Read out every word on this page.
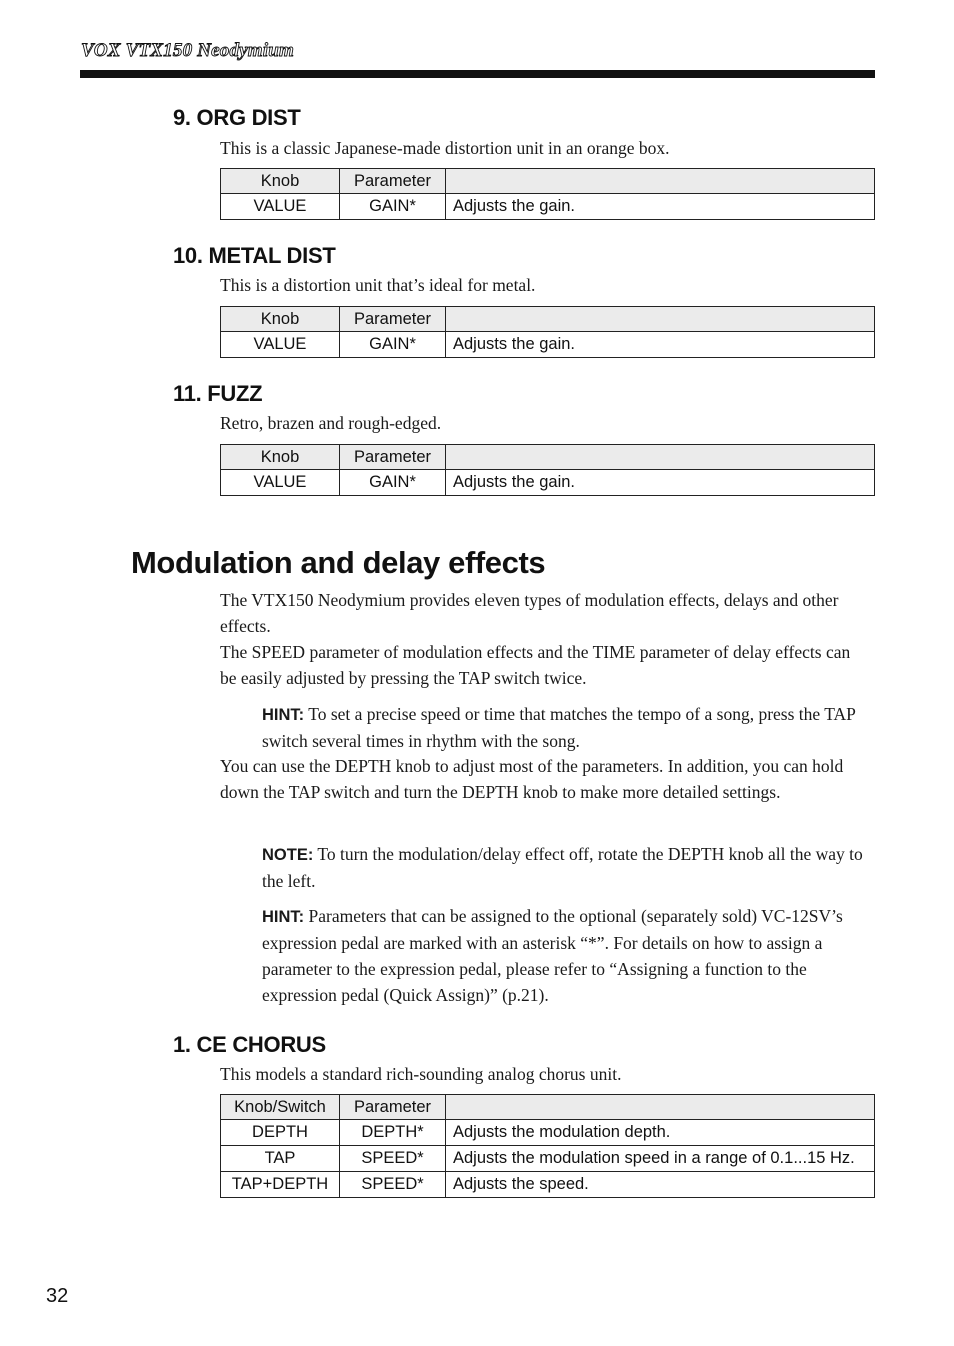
VOX VTX150 Neodymium
9. ORG DIST

This is a classic Japanese-made distortion unit in an orange box.

Knob	Parameter	
VALUE	GAIN*	Adjusts the gain.
10. METAL DIST

This is a distortion unit that’s ideal for metal.

Knob	Parameter	
VALUE	GAIN*	Adjusts the gain.
11. FUZZ

Retro, brazen and rough-edged.

Knob	Parameter	
VALUE	GAIN*	Adjusts the gain.
Modulation and delay effects

The VTX150 Neodymium provides eleven types of modulation effects, delays and other effects.

The SPEED parameter of modulation effects and the TIME parameter of delay effects can be easily adjusted by pressing the TAP switch twice.

HINT: To set a precise speed or time that matches the tempo of a song, press the TAP switch several times in rhythm with the song.

You can use the DEPTH knob to adjust most of the parameters. In addition, you can hold down the TAP switch and turn the DEPTH knob to make more detailed settings.

NOTE: To turn the modulation/delay effect off, rotate the DEPTH knob all the way to the left.

HINT: Parameters that can be assigned to the optional (separately sold) VC-12SV’s expression pedal are marked with an asterisk “*”. For details on how to assign a parameter to the expression pedal, please refer to “Assigning a function to the expression pedal (Quick Assign)” (p.21).

1. CE CHORUS

This models a standard rich-sounding analog chorus unit.

Knob/Switch	Parameter	
DEPTH	DEPTH*	Adjusts the modulation depth.
TAP	SPEED*	Adjusts the modulation speed in a range of 0.1...15 Hz.
TAP+DEPTH	SPEED*	Adjusts the speed.
32
